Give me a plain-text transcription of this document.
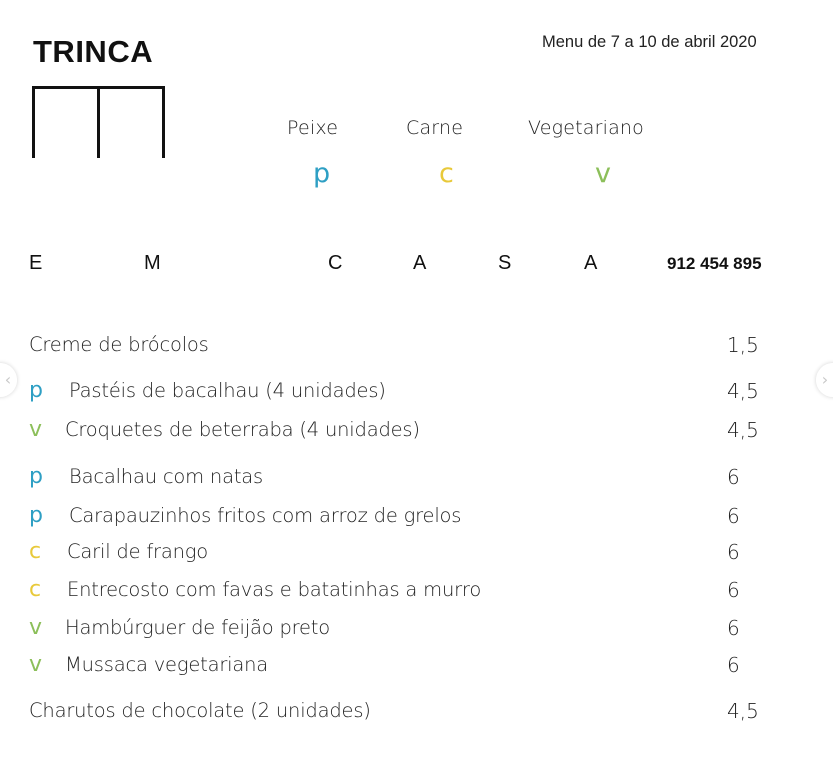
TRINCA	Menu de 7 a 10 de abril 2020
Peixe	Carne	Vegetariano
p	c	v
E	M	C	A	S	A	912 454 895
Creme de brócolos	1,5
p Pastéis de bacalhau (4 unidades)	4,5
v Croquetes de beterraba (4 unidades)	4,5
p Bacalhau com natas	6
p Carapauzinhos fritos com arroz de grelos	6
c Caril de frango	6
c Entrecosto com favas e batatinhas a murro	6
v Hambúrguer de feijão preto	6
v Mussaca vegetariana	6
Charutos de chocolate (2 unidades)	4,5
‹	›
